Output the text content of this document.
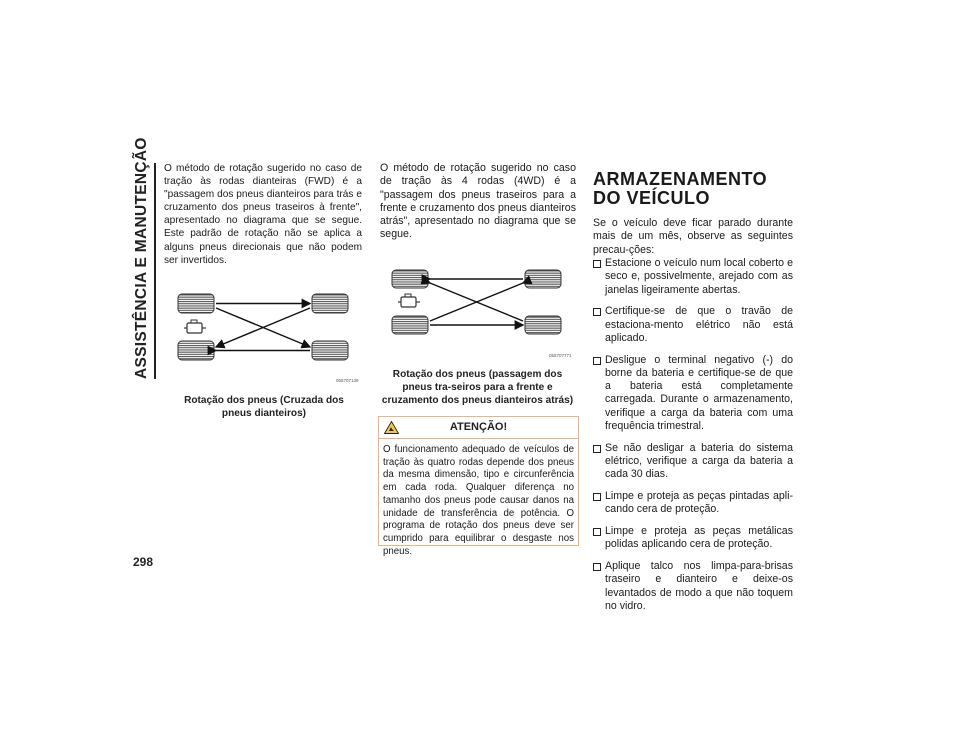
ASSISTÊNCIA E MANUTENÇÃO
298

O método de rotação sugerido no caso de tração às rodas dianteiras (FWD) é a "passagem dos pneus dianteiros para trás e cruzamento dos pneus traseiros à frente", apresentado no diagrama que se segue. Este padrão de rotação não se aplica a alguns pneus direcionais que não podem ser invertidos.

055707139
Rotação dos pneus (Cruzada dos pneus dianteiros)

O método de rotação sugerido no caso de tração às 4 rodas (4WD) é a "passagem dos pneus traseiros para a frente e cruzamento dos pneus dianteiros atrás", apresentado no diagrama que se segue.

055707771
Rotação dos pneus (passagem dos pneus tra-seiros para a frente e cruzamento dos pneus dianteiros atrás)
ATENÇÃO!
O funcionamento adequado de veículos de tração às quatro rodas depende dos pneus da mesma dimensão, tipo e circunferência em cada roda. Qualquer diferença no tamanho dos pneus pode causar danos na unidade de transferência de potência. O programa de rotação dos pneus deve ser cumprido para equilibrar o desgaste nos pneus.
ARMAZENAMENTO DO VEÍCULO
Se o veículo deve ficar parado durante mais de um mês, observe as seguintes precau-ções:
Estacione o veículo num local coberto e seco e, possivelmente, arejado com as janelas ligeiramente abertas.
Certifique-se de que o travão de estaciona-mento elétrico não está aplicado.
Desligue o terminal negativo (-) do borne da bateria e certifique-se de que a bateria está completamente carregada. Durante o armazenamento, verifique a carga da bateria com uma frequência trimestral.
Se não desligar a bateria do sistema elétrico, verifique a carga da bateria a cada 30 dias.
Limpe e proteja as peças pintadas apli-cando cera de proteção.
Limpe e proteja as peças metálicas polidas aplicando cera de proteção.
Aplique talco nos limpa-para-brisas traseiro e dianteiro e deixe-os levantados de modo a que não toquem no vidro.
